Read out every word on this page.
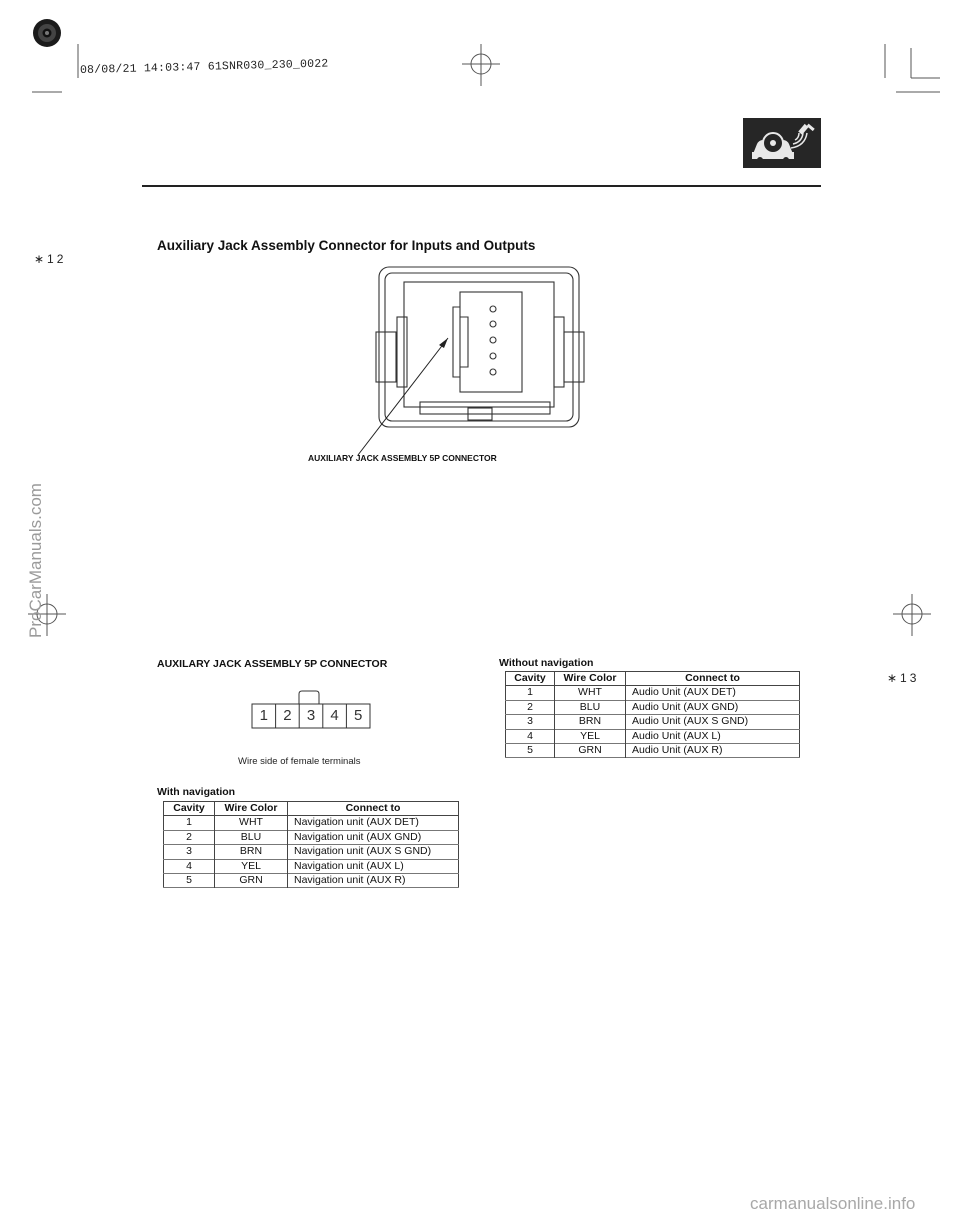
08/08/21 14:03:47 61SNR030_230_0022
Auxiliary Jack Assembly Connector for Inputs and Outputs
∗12
∗13
ProCarManuals.com
AUXILIARY JACK ASSEMBLY 5P CONNECTOR
AUXILARY JACK ASSEMBLY 5P CONNECTOR
1	2	3	4	5
Wire side of female terminals
With navigation
Cavity	Wire Color	Connect to
1	WHT	Navigation unit (AUX DET)
2	BLU	Navigation unit (AUX GND)
3	BRN	Navigation unit (AUX S GND)
4	YEL	Navigation unit (AUX L)
5	GRN	Navigation unit (AUX R)
Without navigation
Cavity	Wire Color	Connect to
1	WHT	Audio Unit (AUX DET)
2	BLU	Audio Unit (AUX GND)
3	BRN	Audio Unit (AUX S GND)
4	YEL	Audio Unit (AUX L)
5	GRN	Audio Unit (AUX R)
carmanualsonline.info
